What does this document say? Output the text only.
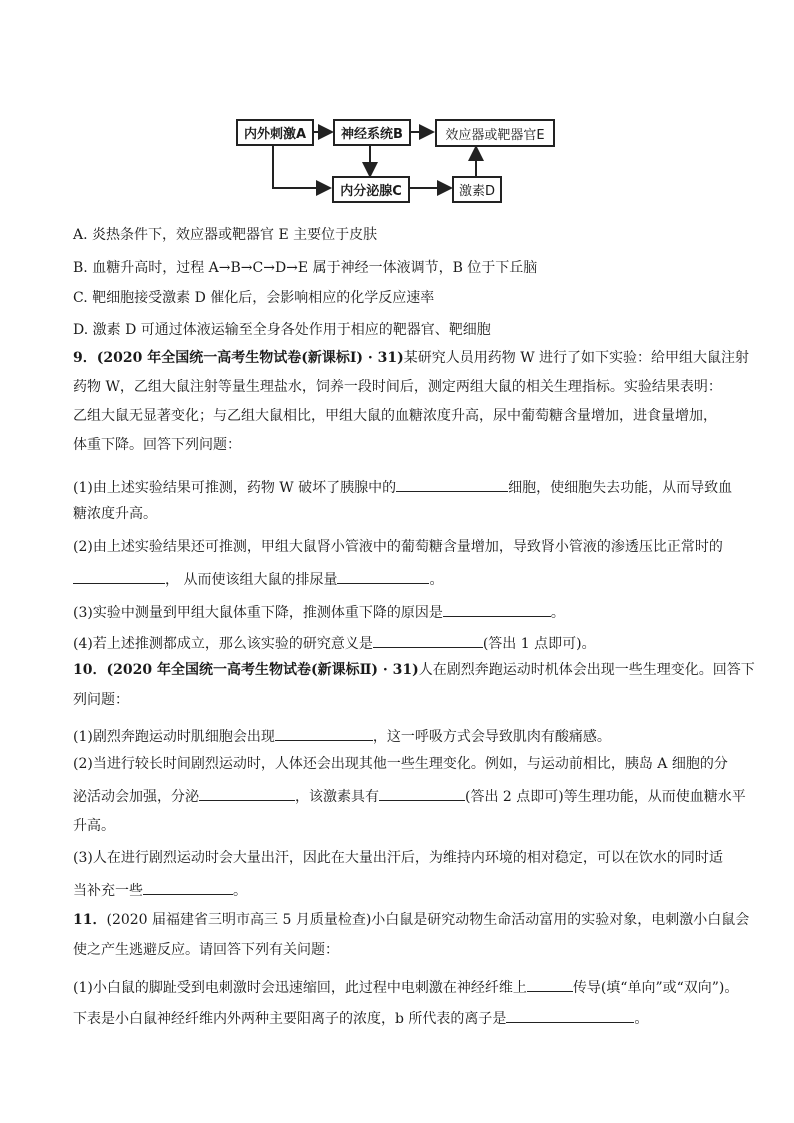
内外刺激A	神经系统B	效应器或靶器官E
内分泌腺C	激素D
A. 炎热条件下，效应器或靶器官 E 主要位于皮肤
B. 血糖升高时，过程 A→B→C→D→E 属于神经一体液调节，B 位于下丘脑
C. 靶细胞接受激素 D 催化后，会影响相应的化学反应速率
D. 激素 D 可通过体液运输至全身各处作用于相应的靶器官、靶细胞
9．(2020 年全国统一高考生物试卷(新课标Ⅰ) · 31)某研究人员用药物 W 进行了如下实验：给甲组大鼠注射
药物 W，乙组大鼠注射等量生理盐水，饲养一段时间后，测定两组大鼠的相关生理指标。实验结果表明：
乙组大鼠无显著变化；与乙组大鼠相比，甲组大鼠的血糖浓度升高，尿中葡萄糖含量增加，进食量增加，
体重下降。回答下列问题：
(1)由上述实验结果可推测，药物 W 破坏了胰腺中的	细胞，使细胞失去功能，从而导致血
糖浓度升高。
(2)由上述实验结果还可推测，甲组大鼠肾小管液中的葡萄糖含量增加，导致肾小管液的渗透压比正常时的
， 从而使该组大鼠的排尿量	。
(3)实验中测量到甲组大鼠体重下降，推测体重下降的原因是	。
(4)若上述推测都成立，那么该实验的研究意义是	(答出 1 点即可)。
10．(2020 年全国统一高考生物试卷(新课标Ⅱ) · 31)人在剧烈奔跑运动时机体会出现一些生理变化。回答下
列问题：
(1)剧烈奔跑运动时肌细胞会出现	，这一呼吸方式会导致肌肉有酸痛感。
(2)当进行较长时间剧烈运动时，人体还会出现其他一些生理变化。例如，与运动前相比，胰岛 A 细胞的分
泌活动会加强，分泌	，该激素具有	(答出 2 点即可)等生理功能，从而使血糖水平
升高。
(3)人在进行剧烈运动时会大量出汗，因此在大量出汗后，为维持内环境的相对稳定，可以在饮水的同时适
当补充一些	。
11．(2020 届福建省三明市高三 5 月质量检查)小白鼠是研究动物生命活动富用的实验对象，电刺激小白鼠会
使之产生逃避反应。请回答下列有关问题：
(1)小白鼠的脚趾受到电刺激时会迅速缩回，此过程中电刺激在神经纤维上	传导(填“单向”或“双向”)。
下表是小白鼠神经纤维内外两种主要阳离子的浓度，b 所代表的离子是	。
